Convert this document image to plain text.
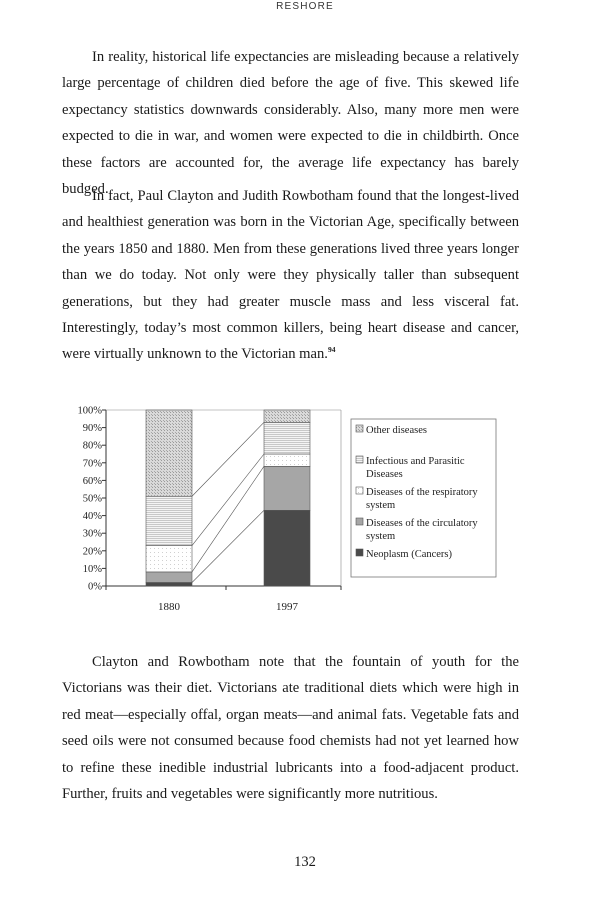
RESHORE

In reality, historical life expectancies are misleading because a relatively large percentage of children died before the age of five. This skewed life expectancy statistics downwards considerably. Also, many more men were expected to die in war, and women were expected to die in childbirth. Once these factors are accounted for, the average life expectancy has barely budged.

In fact, Paul Clayton and Judith Rowbotham found that the longest-lived and healthiest generation was born in the Victorian Age, specifically between the years 1850 and 1880. Men from these generations lived three years longer than we do today. Not only were they physically taller than subsequent generations, but they had greater muscle mass and less visceral fat. Interestingly, today’s most common killers, being heart disease and cancer, were virtually unknown to the Victorian man.$^{94}$

0%
10%
20%
30%
40%
50%
60%
70%
80%
90%
100%
1880	1997
Other diseases
Infectious and Parasitic Diseases
Diseases of the respiratory system
Diseases of the circulatory system
Neoplasm (Cancers)

Clayton and Rowbotham note that the fountain of youth for the Victorians was their diet. Victorians ate traditional diets which were high in red meat—especially offal, organ meats—and animal fats. Vegetable fats and seed oils were not consumed because food chemists had not yet learned how to refine these inedible industrial lubricants into a food-adjacent product. Further, fruits and vegetables were significantly more nutritious.

132
